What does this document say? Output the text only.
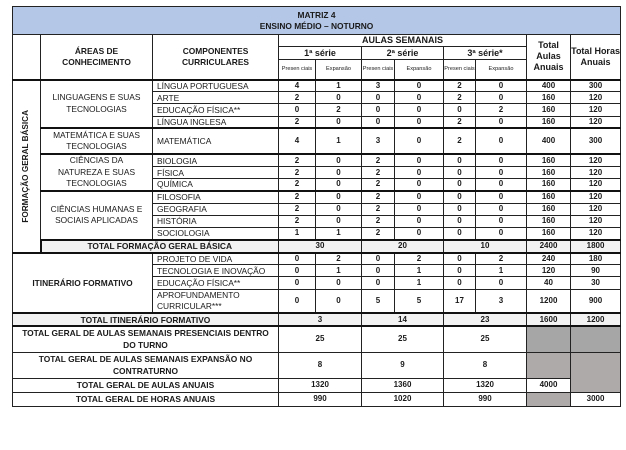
MATRIZ 4
ENSINO MÉDIO – NOTURNO										

	ÁREAS DE CONHECIMENTO	COMPONENTES CURRICULARES	AULAS SEMANAIS						Total Aulas Anuais	Total Horas Anuais
			1ª série		2ª série		3ª série*			
			Presen ciais	Expansão	Presen ciais	Expansão	Presen ciais	Expansão		

FORMAÇÃO GERAL BÁSICA	LINGUAGENS E SUAS TECNOLOGIAS	LÍNGUA PORTUGUESA	4	1	3	0	2	0	400	300
		ARTE	2	0	0	0	2	0	160	120
		EDUCAÇÃO FÍSICA**	0	2	0	0	0	2	160	120
		LÍNGUA INGLESA	2	0	0	0	2	0	160	120
	MATEMÁTICA E SUAS TECNOLOGIAS	MATEMÁTICA	4	1	3	0	2	0	400	300
	CIÊNCIAS DA NATUREZA E SUAS TECNOLOGIAS	BIOLOGIA	2	0	2	0	0	0	160	120
		FÍSICA	2	0	2	0	0	0	160	120
		QUÍMICA	2	0	2	0	0	0	160	120
	CIÊNCIAS HUMANAS E SOCIAIS APLICADAS	FILOSOFIA	2	0	2	0	0	0	160	120
		GEOGRAFIA	2	0	2	0	0	0	160	120
		HISTÓRIA	2	0	2	0	0	0	160	120
		SOCIOLOGIA	1	1	2	0	0	0	160	120
	TOTAL FORMAÇÃO GERAL BÁSICA		30		20		10		2400	1800
ITINERÁRIO FORMATIVO		PROJETO DE VIDA	0	2	0	2	0	2	240	180
		TECNOLOGIA E INOVAÇÃO	0	1	0	1	0	1	120	90
		EDUCAÇÃO FÍSICA**	0	0	0	1	0	0	40	30
		APROFUNDAMENTO CURRICULAR***	0	0	5	5	17	3	1200	900
TOTAL ITINERÁRIO FORMATIVO			3		14		23		1600	1200
TOTAL GERAL DE AULAS SEMANAIS PRESENCIAIS DENTRO DO TURNO			25		25		25			
TOTAL GERAL DE AULAS SEMANAIS EXPANSÃO NO CONTRATURNO			8		9		8			
TOTAL GERAL DE AULAS ANUAIS			1320		1360		1320		4000	
TOTAL GERAL DE HORAS ANUAIS			990		1020		990			3000
